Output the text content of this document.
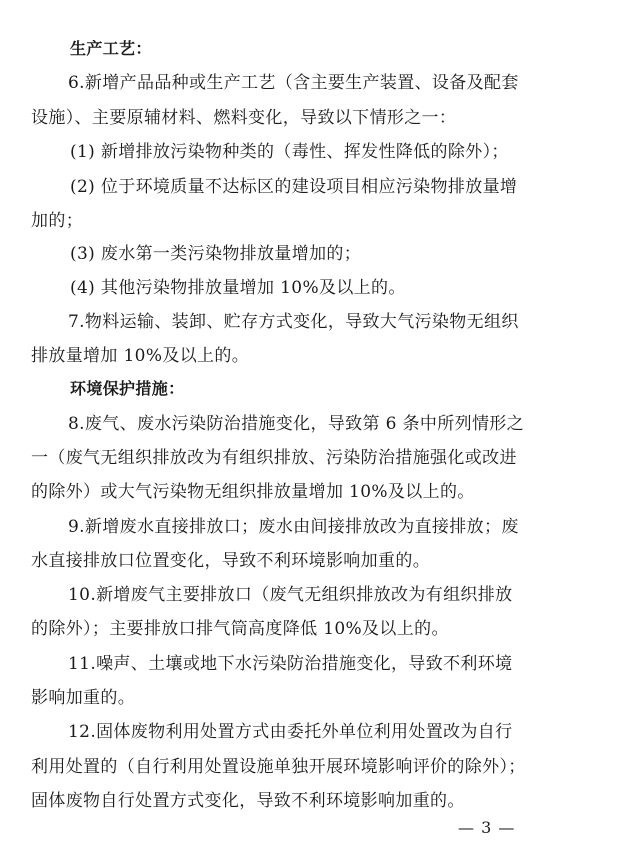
生产工艺：
6.新增产品品种或生产工艺（含主要生产装置、设备及配套
设施）、主要原辅材料、燃料变化，导致以下情形之一：
(1) 新增排放污染物种类的（毒性、挥发性降低的除外）；
(2) 位于环境质量不达标区的建设项目相应污染物排放量增
加的；
(3) 废水第一类污染物排放量增加的；
(4) 其他污染物排放量增加 10%及以上的。
7.物料运输、装卸、贮存方式变化，导致大气污染物无组织
排放量增加 10%及以上的。
环境保护措施：
8.废气、废水污染防治措施变化，导致第 6 条中所列情形之
一（废气无组织排放改为有组织排放、污染防治措施强化或改进
的除外）或大气污染物无组织排放量增加 10%及以上的。
9.新增废水直接排放口；废水由间接排放改为直接排放；废
水直接排放口位置变化，导致不利环境影响加重的。
10.新增废气主要排放口（废气无组织排放改为有组织排放
的除外）；主要排放口排气筒高度降低 10%及以上的。
11.噪声、土壤或地下水污染防治措施变化，导致不利环境
影响加重的。
12.固体废物利用处置方式由委托外单位利用处置改为自行
利用处置的（自行利用处置设施单独开展环境影响评价的除外）；
固体废物自行处置方式变化，导致不利环境影响加重的。
— 3 —
